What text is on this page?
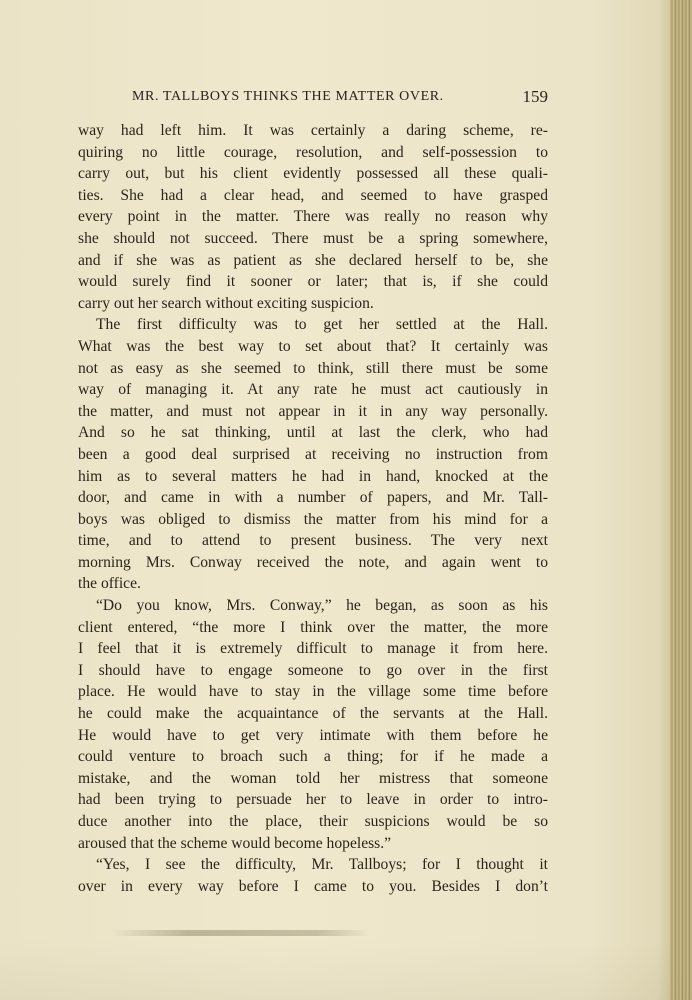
MR. TALLBOYS THINKS THE MATTER OVER.	159
way had left him. It was certainly a daring scheme, re-
quiring no little courage, resolution, and self-possession to
carry out, but his client evidently possessed all these quali-
ties. She had a clear head, and seemed to have grasped
every point in the matter. There was really no reason why
she should not succeed. There must be a spring somewhere,
and if she was as patient as she declared herself to be, she
would surely find it sooner or later; that is, if she could
carry out her search without exciting suspicion.
The first difficulty was to get her settled at the Hall.
What was the best way to set about that? It certainly was
not as easy as she seemed to think, still there must be some
way of managing it. At any rate he must act cautiously in
the matter, and must not appear in it in any way personally.
And so he sat thinking, until at last the clerk, who had
been a good deal surprised at receiving no instruction from
him as to several matters he had in hand, knocked at the
door, and came in with a number of papers, and Mr. Tall-
boys was obliged to dismiss the matter from his mind for a
time, and to attend to present business. The very next
morning Mrs. Conway received the note, and again went to
the office.
“Do you know, Mrs. Conway,” he began, as soon as his
client entered, “the more I think over the matter, the more
I feel that it is extremely difficult to manage it from here.
I should have to engage someone to go over in the first
place. He would have to stay in the village some time before
he could make the acquaintance of the servants at the Hall.
He would have to get very intimate with them before he
could venture to broach such a thing; for if he made a
mistake, and the woman told her mistress that someone
had been trying to persuade her to leave in order to intro-
duce another into the place, their suspicions would be so
aroused that the scheme would become hopeless.”
“Yes, I see the difficulty, Mr. Tallboys; for I thought it
over in every way before I came to you. Besides I don’t
